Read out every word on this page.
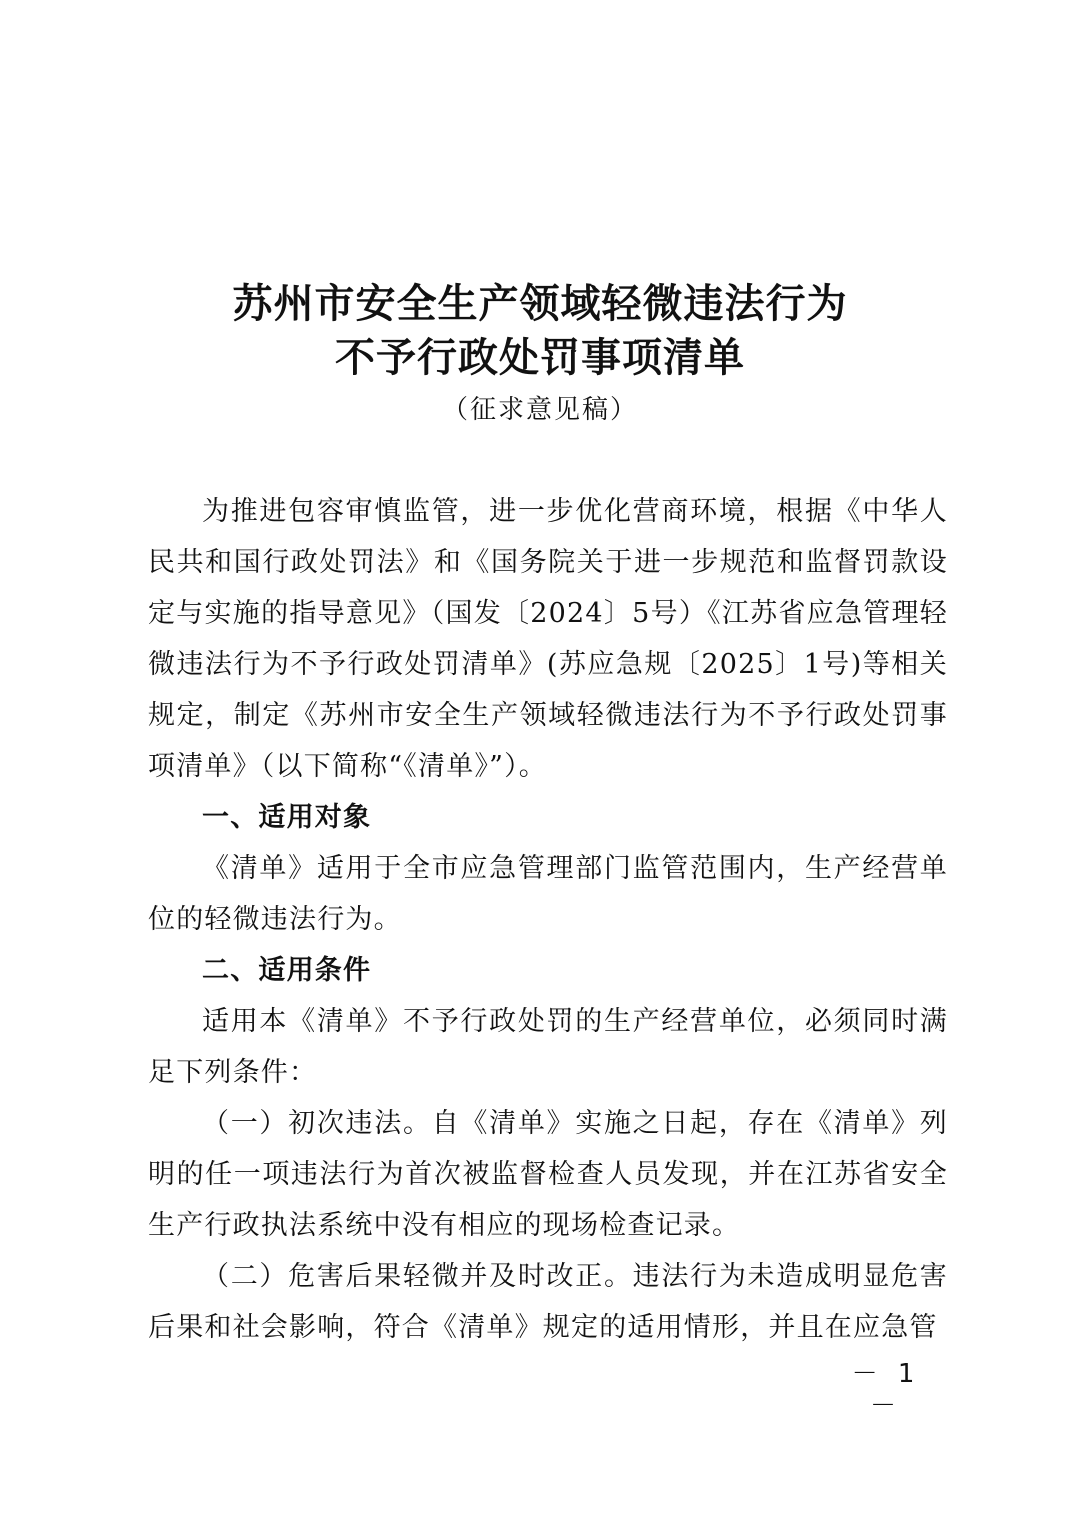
苏州市安全生产领域轻微违法行为
不予行政处罚事项清单
（征求意见稿）

为推进包容审慎监管，进一步优化营商环境，根据《中华人民共和国行政处罚法》和《国务院关于进一步规范和监督罚款设定与实施的指导意见》（国发〔2024〕5号）《江苏省应急管理轻微违法行为不予行政处罚清单》(苏应急规〔2025〕1号)等相关规定，制定《苏州市安全生产领域轻微违法行为不予行政处罚事项清单》（以下简称“《清单》”）。

一、适用对象

《清单》适用于全市应急管理部门监管范围内，生产经营单位的轻微违法行为。

二、适用条件

适用本《清单》不予行政处罚的生产经营单位，必须同时满足下列条件：

（一）初次违法。自《清单》实施之日起，存在《清单》列明的任一项违法行为首次被监督检查人员发现，并在江苏省安全生产行政执法系统中没有相应的现场检查记录。

（二）危害后果轻微并及时改正。违法行为未造成明显危害后果和社会影响，符合《清单》规定的适用情形，并且在应急管

－ 1 －
